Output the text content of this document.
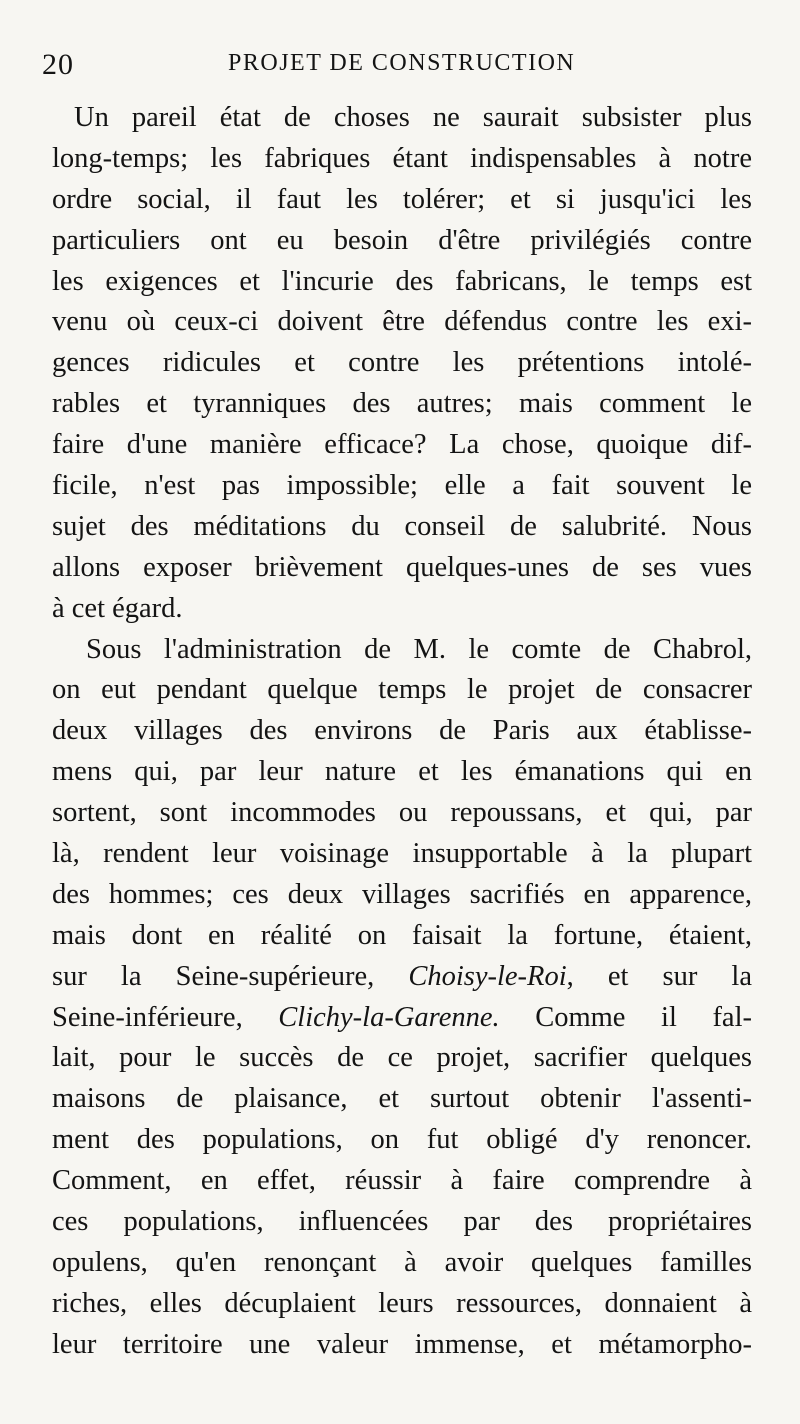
20	PROJET DE CONSTRUCTION
Un pareil état de choses ne saurait subsister plus
long-temps; les fabriques étant indispensables à notre
ordre social, il faut les tolérer; et si jusqu'ici les
particuliers ont eu besoin d'être privilégiés contre
les exigences et l'incurie des fabricans, le temps est
venu où ceux-ci doivent être défendus contre les exi-
gences ridicules et contre les prétentions intolé-
rables et tyranniques des autres; mais comment le
faire d'une manière efficace? La chose, quoique dif-
ficile, n'est pas impossible; elle a fait souvent le
sujet des méditations du conseil de salubrité. Nous
allons exposer brièvement quelques-unes de ses vues
à cet égard.
Sous l'administration de M. le comte de Chabrol,
on eut pendant quelque temps le projet de consacrer
deux villages des environs de Paris aux établisse-
mens qui, par leur nature et les émanations qui en
sortent, sont incommodes ou repoussans, et qui, par
là, rendent leur voisinage insupportable à la plupart
des hommes; ces deux villages sacrifiés en apparence,
mais dont en réalité on faisait la fortune, étaient,
sur la Seine-supérieure, Choisy-le-Roi, et sur la
Seine-inférieure, Clichy-la-Garenne. Comme il fal-
lait, pour le succès de ce projet, sacrifier quelques
maisons de plaisance, et surtout obtenir l'assenti-
ment des populations, on fut obligé d'y renoncer.
Comment, en effet, réussir à faire comprendre à
ces populations, influencées par des propriétaires
opulens, qu'en renonçant à avoir quelques familles
riches, elles décuplaient leurs ressources, donnaient à
leur territoire une valeur immense, et métamorpho-
